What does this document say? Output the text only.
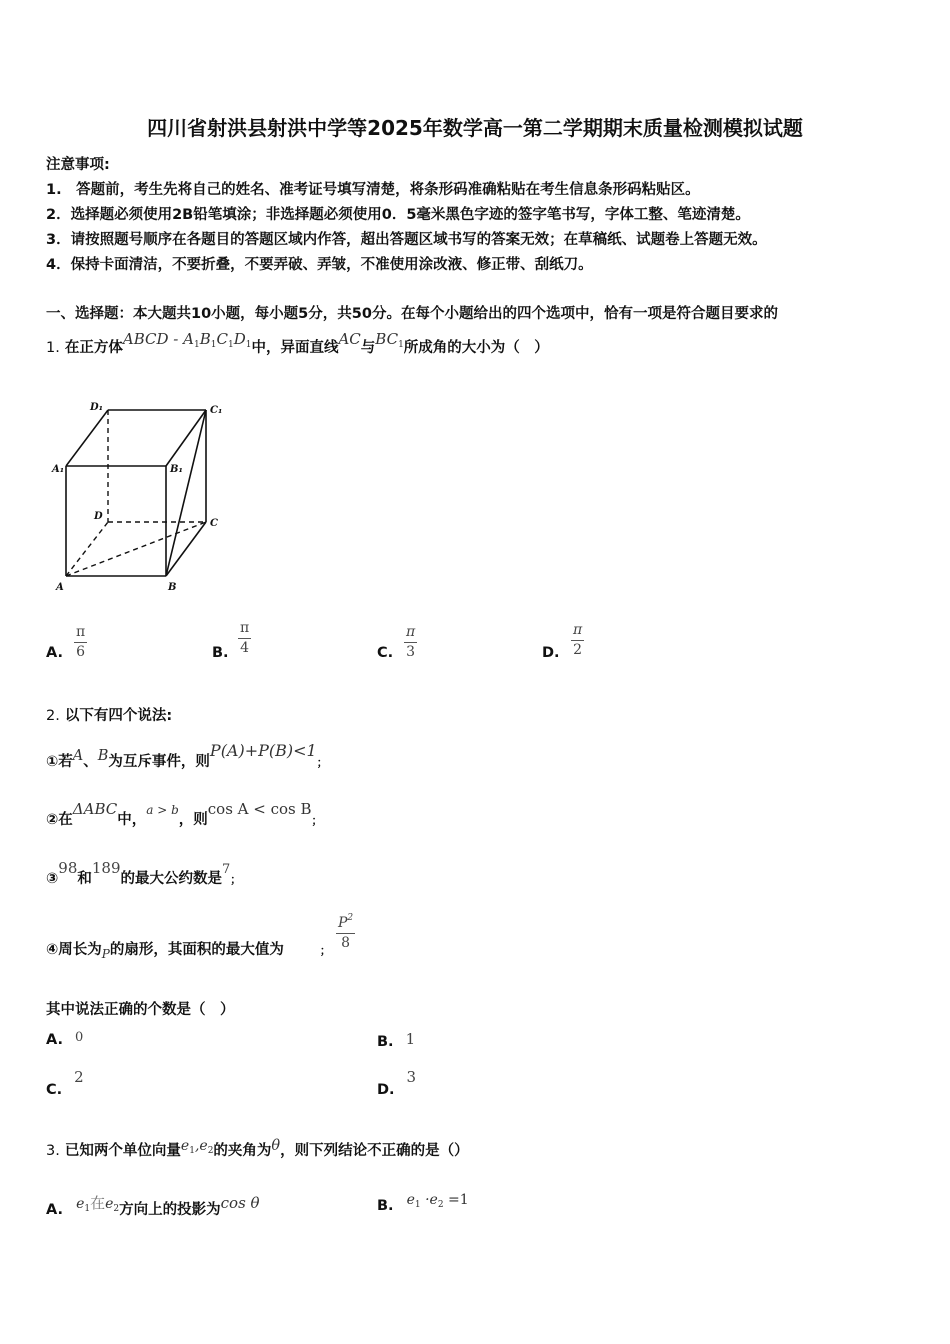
四川省射洪县射洪中学等2025年数学高一第二学期期末质量检测模拟试题
注意事项:
1.　答题前，考生先将自己的姓名、准考证号填写清楚，将条形码准确粘贴在考生信息条形码粘贴区。
2．选择题必须使用2B铅笔填涂；非选择题必须使用0．5毫米黑色字迹的签字笔书写，字体工整、笔迹清楚。
3．请按照题号顺序在各题目的答题区域内作答，超出答题区域书写的答案无效；在草稿纸、试题卷上答题无效。
4．保持卡面清洁，不要折叠，不要弄破、弄皱，不准使用涂改液、修正带、刮纸刀。
一、选择题：本大题共10小题，每小题5分，共50分。在每个小题给出的四个选项中，恰有一项是符合题目要求的
1. 在正方体ABCD - $A_1B_1C_1D_1$中，异面直线AC与$BC_1$所成角的大小为（　）
D₁	C₁
A₁	B₁
D
C
A	B
A.
π
6	B.
π
4	C.
π
3	D.
π
2
2. 以下有四个说法:
①若A、B为互斥事件，则P(A)+P(B)<1；
②在ΔABC中，$^{a > b}$，则cos A < cos B；
③98和189的最大公约数是7；
④周长为$_P$的扇形，其面积的最大值为	；
$P^2$
8
其中说法正确的个数是（　）
A. 0	B. 1
C.2
D.3
3. 已知两个单位向量$e_1,e_2$的夹角为θ，则下列结论不正确的是（）
A. $e_1$在$e_2$方向上的投影为cos θ	B. $e_1 \cdot e_2 =1$
